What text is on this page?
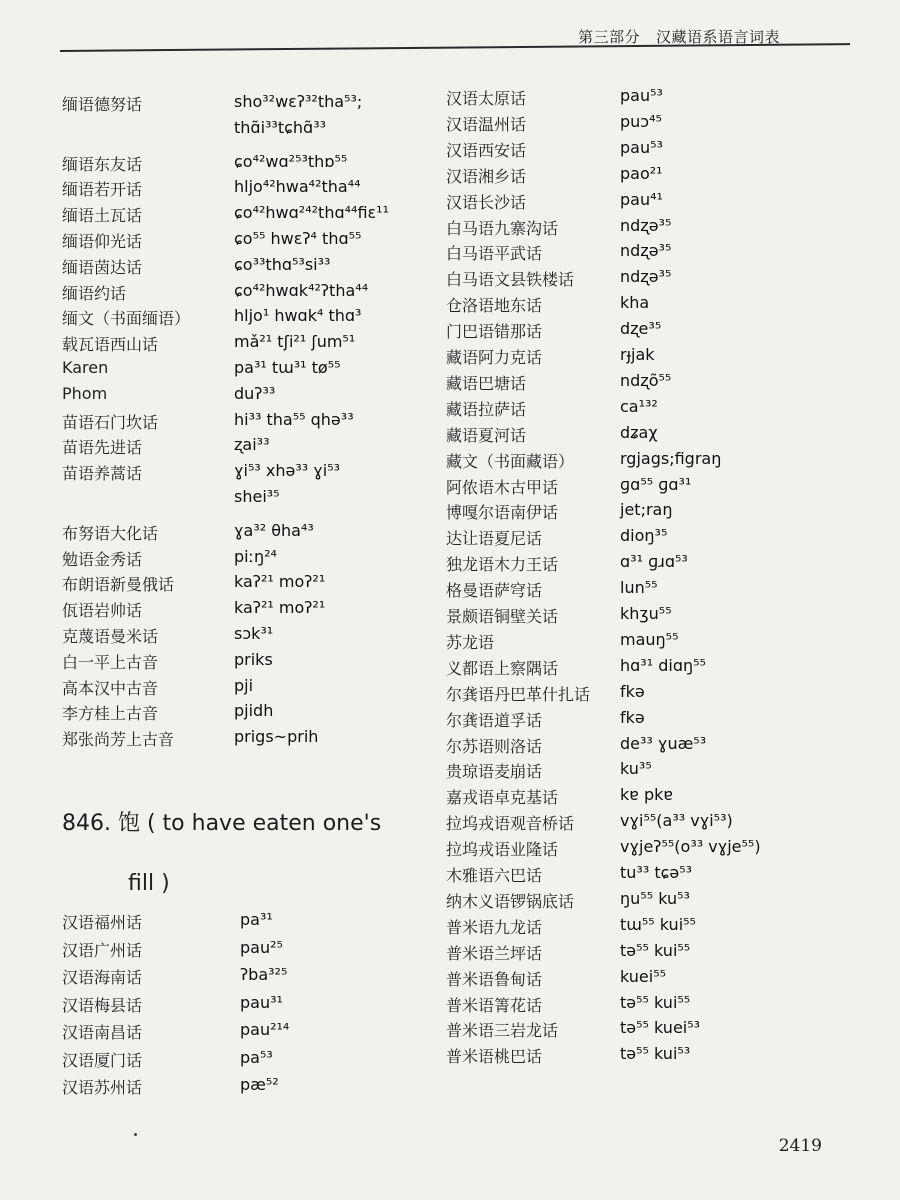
第三部分 汉藏语系语言词表
缅语德努话	sho³²wɛʔ³²tha⁵³;
thɑ̃i³³tɕhɑ̃³³
缅语东友话	ɕo⁴²wɑ²⁵³thɒ⁵⁵
缅语若开话	hljo⁴²hwa⁴²tha⁴⁴
缅语土瓦话	ɕo⁴²hwɑ²⁴²thɑ⁴⁴fiɛ¹¹
缅语仰光话	ɕo⁵⁵ hwɛʔ⁴ thɑ⁵⁵
缅语茵达话	ɕo³³thɑ⁵³si³³
缅语约话	ɕo⁴²hwɑk⁴²ʔtha⁴⁴
缅文（书面缅语）	hljo¹ hwɑk⁴ thɑ³
载瓦语西山话	mǎ²¹ tʃi²¹ ʃum⁵¹
Karen	pa³¹ tɯ³¹ tø⁵⁵
Phom	duʔ³³
苗语石门坎话	hi³³ tha⁵⁵ qhə³³
苗语先进话	ʐai³³
苗语养蒿话	ɣi⁵³ xhə³³ ɣi⁵³
shei³⁵
布努语大化话	ɣa³² θha⁴³
勉语金秀话	piːŋ²⁴
布朗语新曼俄话	kaʔ²¹ moʔ²¹
佤语岩帅话	kaʔ²¹ moʔ²¹
克蔑语曼米话	sɔk³¹
白一平上古音	priks
高本汉中古音	pji
李方桂上古音	pjidh
郑张尚芳上古音	prigs~prih
846. 饱 ( to have eaten one's
fill )
汉语福州话	pa³¹
汉语广州话	pau²⁵
汉语海南话	ʔba³²⁵
汉语梅县话	pau³¹
汉语南昌话	pau²¹⁴
汉语厦门话	pa⁵³
汉语苏州话	pæ⁵²
汉语太原话	pau⁵³
汉语温州话	puɔ⁴⁵
汉语西安话	pau⁵³
汉语湘乡话	pao²¹
汉语长沙话	pau⁴¹
白马语九寨沟话	ndʐə³⁵
白马语平武话	ndʐə³⁵
白马语文县铁楼话	ndʐə³⁵
仓洛语地东话	kha
门巴语错那话	dʐe³⁵
藏语阿力克话	rɟjak
藏语巴塘话	ndʐõ⁵⁵
藏语拉萨话	ca¹³²
藏语夏河话	dʑaχ
藏文（书面藏语）	rgjags;figraŋ
阿侬语木古甲话	ɡɑ⁵⁵ ɡɑ³¹
博嘎尔语南伊话	jet;raŋ
达让语夏尼话	dioŋ³⁵
独龙语木力王话	ɑ³¹ ɡɹɑ⁵³
格曼语萨穹话	lun⁵⁵
景颇语铜壁关话	khʒu⁵⁵
苏龙语	mauŋ⁵⁵
义都语上察隅话	hɑ³¹ diɑŋ⁵⁵
尔龚语丹巴革什扎话 fkə
尔龚语道孚话	fkə
尔苏语则洛话	de³³ ɣuæ⁵³
贵琼语麦崩话	ku³⁵
嘉戎语卓克基话	kɐ pkɐ
拉坞戎语观音桥话	vɣi⁵⁵(a³³ vɣi⁵³)
拉坞戎语业隆话	vɣjeʔ⁵⁵(o³³ vɣje⁵⁵)
木雅语六巴话	tu³³ tɕə⁵³
纳木义语锣锅底话	ŋu⁵⁵ ku⁵³
普米语九龙话	tɯ⁵⁵ kui⁵⁵
普米语兰坪话	tə⁵⁵ kui⁵⁵
普米语鲁甸话	kuei⁵⁵
普米语箐花话	tə⁵⁵ kui⁵⁵
普米语三岩龙话	tə⁵⁵ kuei⁵³
普米语桃巴话	tə⁵⁵ kui⁵³
2419
